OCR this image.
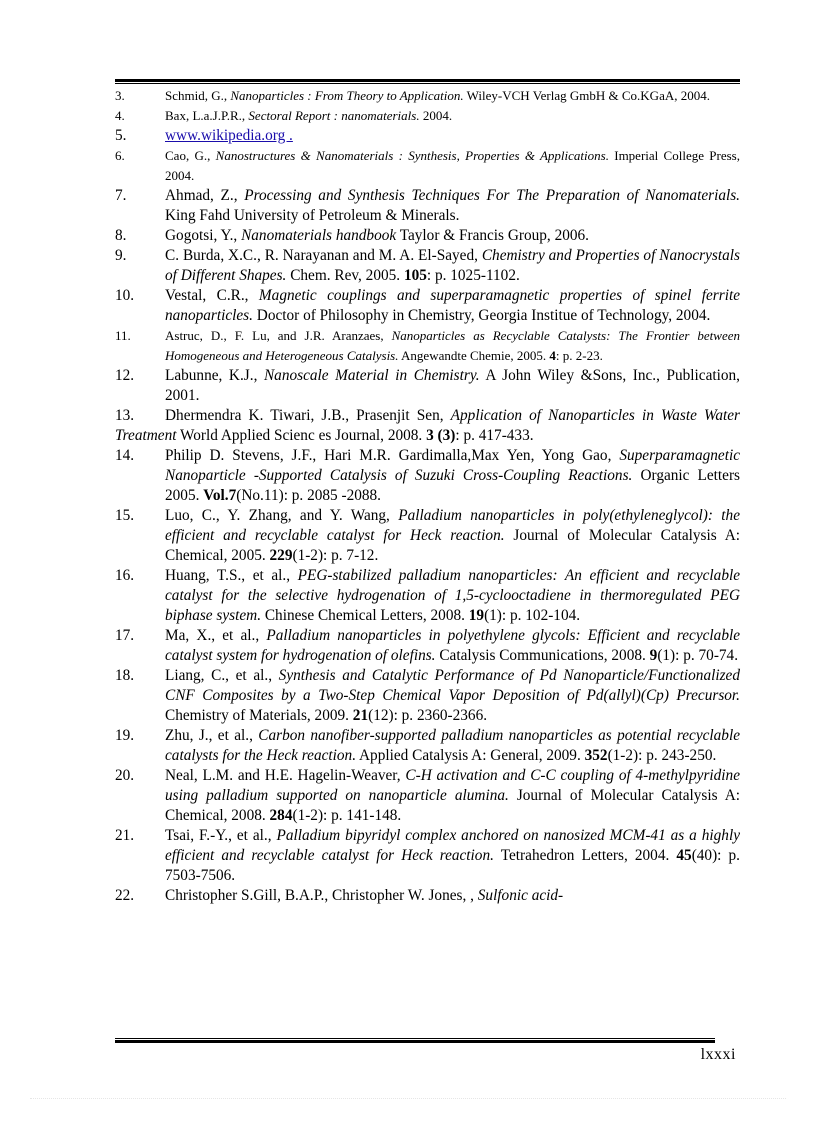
3.	Schmid, G., Nanoparticles : From Theory to Application. Wiley-VCH Verlag GmbH & Co.KGaA, 2004.
4.	Bax, L.a.J.P.R., Sectoral Report : nanomaterials. 2004.
5.	www.wikipedia.org .
6.	Cao, G., Nanostructures & Nanomaterials : Synthesis, Properties & Applications. Imperial College Press, 2004.
7.	Ahmad, Z., Processing and Synthesis Techniques For The Preparation of Nanomaterials. King Fahd University of Petroleum & Minerals.
8.	Gogotsi, Y., Nanomaterials handbook Taylor & Francis Group, 2006.
9.	C. Burda, X.C., R. Narayanan and M. A. El-Sayed, Chemistry and Properties of Nanocrystals of Different Shapes. Chem. Rev, 2005. 105: p. 1025-1102.
10.	Vestal, C.R., Magnetic couplings and superparamagnetic properties of spinel ferrite nanoparticles. Doctor of Philosophy in Chemistry, Georgia Institue of Technology, 2004.
11.	Astruc, D., F. Lu, and J.R. Aranzaes, Nanoparticles as Recyclable Catalysts: The Frontier between Homogeneous and Heterogeneous Catalysis. Angewandte Chemie, 2005. 4: p. 2-23.
12.	Labunne, K.J., Nanoscale Material in Chemistry. A John Wiley &Sons, Inc., Publication, 2001.
13. Dhermendra K. Tiwari, J.B., Prasenjit Sen, Application of Nanoparticles in Waste Water Treatment World Applied Scienc es Journal, 2008. 3 (3): p. 417-433.
14.	Philip D. Stevens, J.F., Hari M.R. Gardimalla,Max Yen, Yong Gao, Superparamagnetic Nanoparticle -Supported Catalysis of Suzuki Cross-Coupling Reactions. Organic Letters 2005. Vol.7(No.11): p. 2085 -2088.
15.	Luo, C., Y. Zhang, and Y. Wang, Palladium nanoparticles in poly(ethyleneglycol): the efficient and recyclable catalyst for Heck reaction. Journal of Molecular Catalysis A: Chemical, 2005. 229(1-2): p. 7-12.
16.	Huang, T.S., et al., PEG-stabilized palladium nanoparticles: An efficient and recyclable catalyst for the selective hydrogenation of 1,5-cyclooctadiene in thermoregulated PEG biphase system. Chinese Chemical Letters, 2008. 19(1): p. 102-104.
17.	Ma, X., et al., Palladium nanoparticles in polyethylene glycols: Efficient and recyclable catalyst system for hydrogenation of olefins. Catalysis Communications, 2008. 9(1): p. 70-74.
18.	Liang, C., et al., Synthesis and Catalytic Performance of Pd Nanoparticle/Functionalized CNF Composites by a Two-Step Chemical Vapor Deposition of Pd(allyl)(Cp) Precursor. Chemistry of Materials, 2009. 21(12): p. 2360-2366.
19.	Zhu, J., et al., Carbon nanofiber-supported palladium nanoparticles as potential recyclable catalysts for the Heck reaction. Applied Catalysis A: General, 2009. 352(1-2): p. 243-250.
20.	Neal, L.M. and H.E. Hagelin-Weaver, C-H activation and C-C coupling of 4-methylpyridine using palladium supported on nanoparticle alumina. Journal of Molecular Catalysis A: Chemical, 2008. 284(1-2): p. 141-148.
21.	Tsai, F.-Y., et al., Palladium bipyridyl complex anchored on nanosized MCM-41 as a highly efficient and recyclable catalyst for Heck reaction. Tetrahedron Letters, 2004. 45(40): p. 7503-7506.
22.	Christopher S.Gill, B.A.P., Christopher W. Jones, , Sulfonic acid-
lxxxi
